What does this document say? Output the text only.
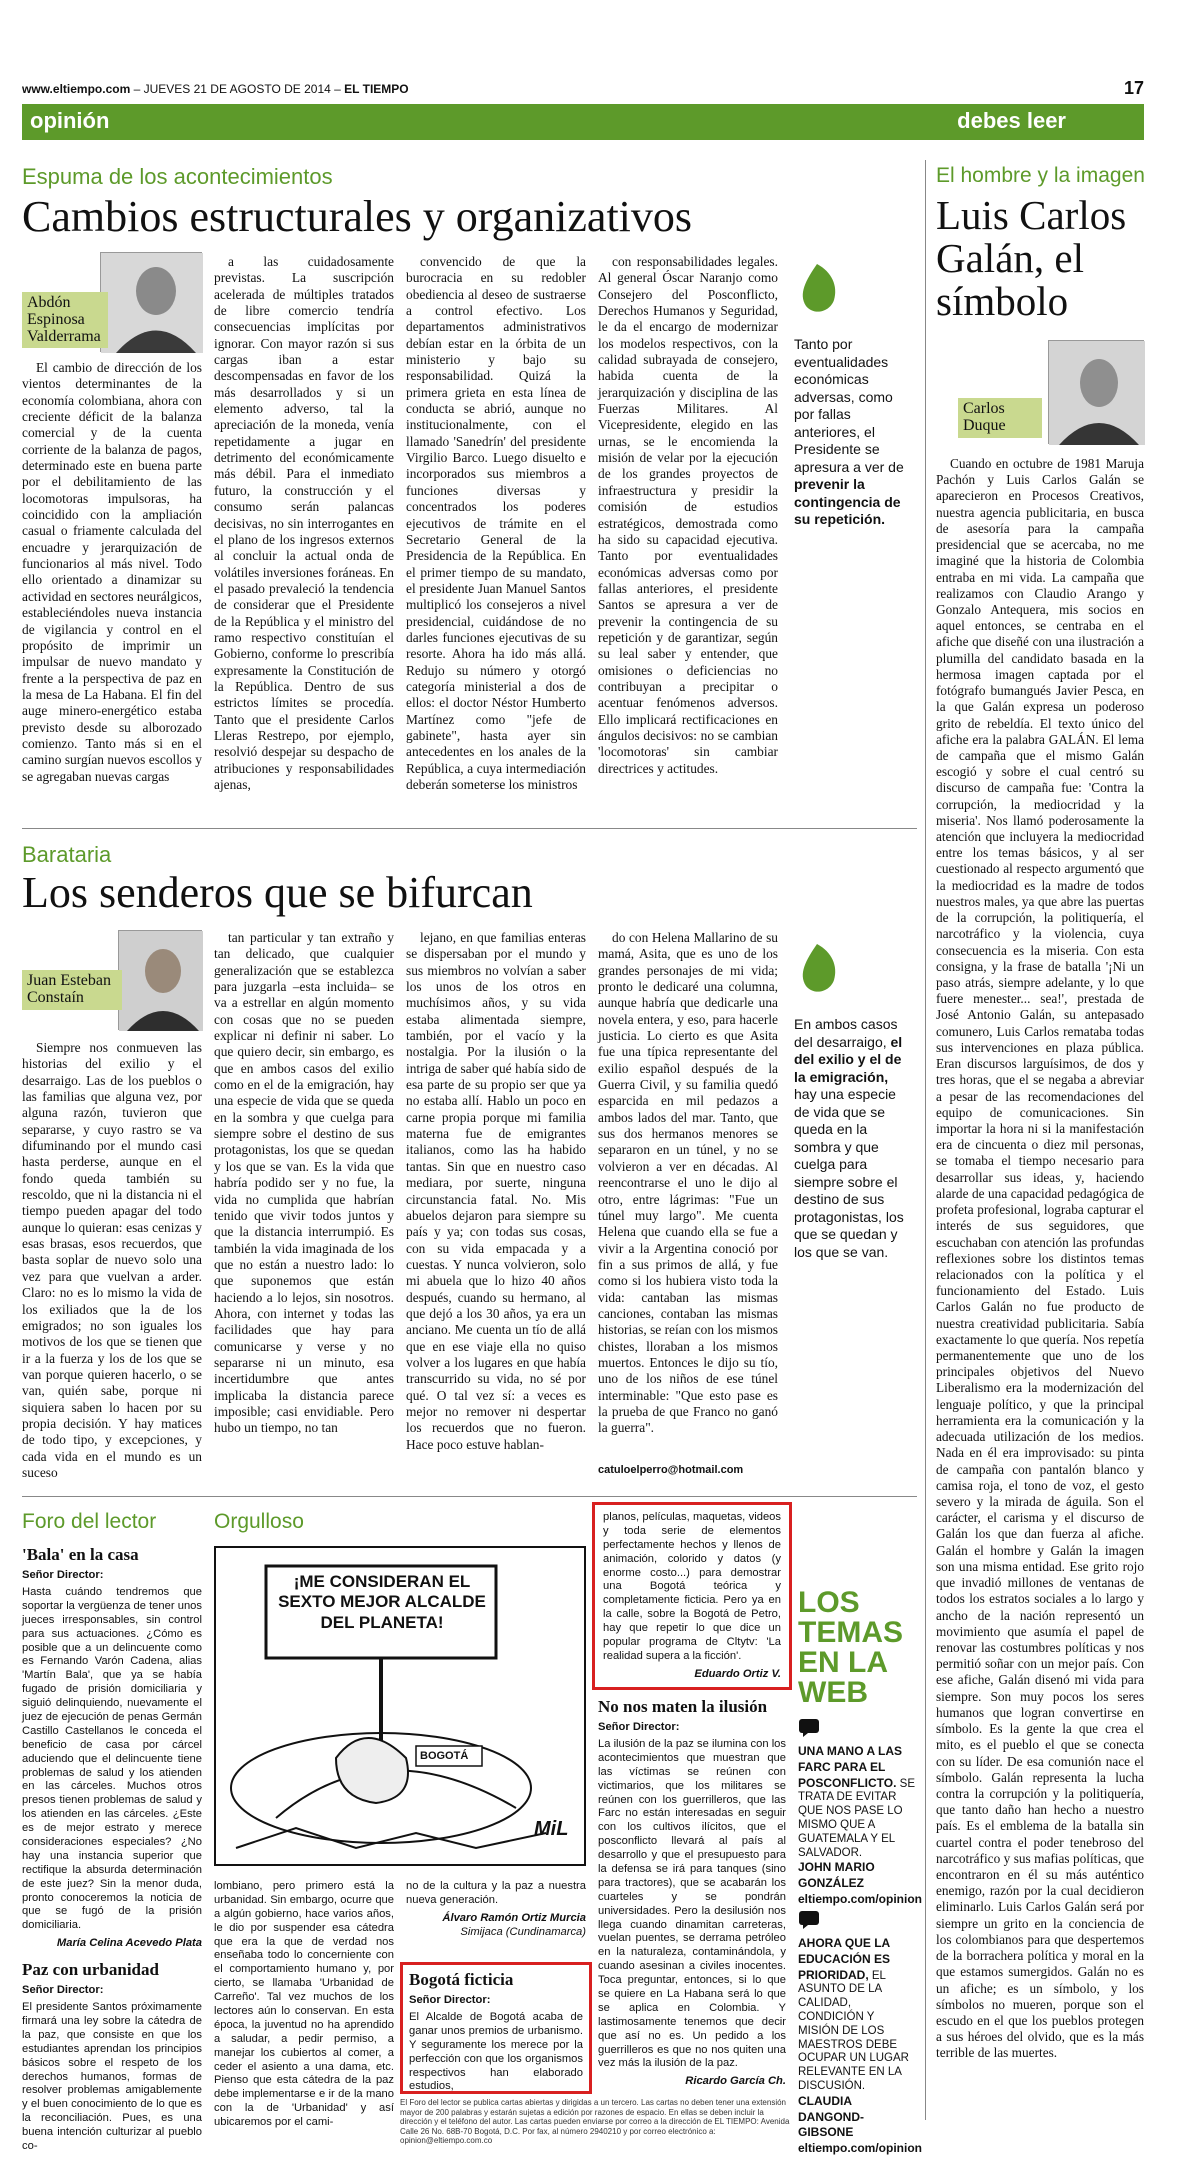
www.eltiempo.com – JUEVES 21 DE AGOSTO DE 2014 – EL TIEMPO	17
opinión	debes leer
Espuma de los acontecimientos
Cambios estructurales y organizativos
Abdón Espinosa Valderrama

El cambio de dirección de los vientos determinantes de la economía colombiana, ahora con creciente déficit de la balanza comercial y de la cuenta corriente de la balanza de pagos, determinado este en buena parte por el debilitamiento de las locomotoras impulsoras, ha coincidido con la ampliación casual o friamente calculada del encuadre y jerarquización de funcionarios al más nivel. Todo ello orientado a dinamizar su actividad en sectores neurálgicos, estableciéndoles nueva instancia de vigilancia y control en el propósito de imprimir un impulsar de nuevo mandato y frente a la perspectiva de paz en la mesa de La Habana. El fin del auge minero-energético estaba previsto desde su alborozado comienzo. Tanto más si en el camino surgían nuevos escollos y se agregaban nuevas cargas

a las cuidadosamente previstas. La suscripción acelerada de múltiples tratados de libre comercio tendría consecuencias implícitas por ignorar. Con mayor razón si sus cargas iban a estar descompensadas en favor de los más desarrollados y si un elemento adverso, tal la apreciación de la moneda, venía repetidamente a jugar en detrimento del económicamente más débil. Para el inmediato futuro, la construcción y el consumo serán palancas decisivas, no sin interrogantes en el plano de los ingresos externos al concluir la actual onda de volátiles inversiones foráneas. En el pasado prevaleció la tendencia de considerar que el Presidente de la República y el ministro del ramo respectivo constituían el Gobierno, conforme lo prescribía expresamente la Constitución de la República. Dentro de sus estrictos límites se procedía. Tanto que el presidente Carlos Lleras Restrepo, por ejemplo, resolvió despejar su despacho de atribuciones y responsabilidades ajenas,

convencido de que la burocracia en su redobler obediencia al deseo de sustraerse a control efectivo. Los departamentos administrativos debían estar en la órbita de un ministerio y bajo su responsabilidad. Quizá la primera grieta en esta línea de conducta se abrió, aunque no institucionalmente, con el llamado 'Sanedrín' del presidente Virgilio Barco. Luego disuelto e incorporados sus miembros a funciones diversas y concentrados los poderes ejecutivos de trámite en el Secretario General de la Presidencia de la República. En el primer tiempo de su mandato, el presidente Juan Manuel Santos multiplicó los consejeros a nivel presidencial, cuidándose de no darles funciones ejecutivas de su resorte. Ahora ha ido más allá. Redujo su número y otorgó categoría ministerial a dos de ellos: el doctor Néstor Humberto Martínez como "jefe de gabinete", hasta ayer sin antecedentes en los anales de la República, a cuya intermediación deberán someterse los ministros

con responsabilidades legales. Al general Óscar Naranjo como Consejero del Posconflicto, Derechos Humanos y Seguridad, le da el encargo de modernizar los modelos respectivos, con la calidad subrayada de consejero, habida cuenta de la jerarquización y disciplina de las Fuerzas Militares. Al Vicepresidente, elegido en las urnas, se le encomienda la misión de velar por la ejecución de los grandes proyectos de infraestructura y presidir la comisión de estudios estratégicos, demostrada como ha sido su capacidad ejecutiva. Tanto por eventualidades económicas adversas como por fallas anteriores, el presidente Santos se apresura a ver de prevenir la contingencia de su repetición y de garantizar, según su leal saber y entender, que omisiones o deficiencias no contribuyan a precipitar o acentuar fenómenos adversos. Ello implicará rectificaciones en ángulos decisivos: no se cambian 'locomotoras' sin cambiar directrices y actitudes.

Tanto por eventualidades económicas adversas, como por fallas anteriores, el Presidente se apresura a ver de prevenir la contingencia de su repetición.
Barataria
Los senderos que se bifurcan
Juan Esteban Constaín

Siempre nos conmueven las historias del exilio y el desarraigo. Las de los pueblos o las familias que alguna vez, por alguna razón, tuvieron que separarse, y cuyo rastro se va difuminando por el mundo casi hasta perderse, aunque en el fondo queda también su rescoldo, que ni la distancia ni el tiempo pueden apagar del todo aunque lo quieran: esas cenizas y esas brasas, esos recuerdos, que basta soplar de nuevo solo una vez para que vuelvan a arder. Claro: no es lo mismo la vida de los exiliados que la de los emigrados; no son iguales los motivos de los que se tienen que ir a la fuerza y los de los que se van porque quieren hacerlo, o se van, quién sabe, porque ni siquiera saben lo hacen por su propia decisión. Y hay matices de todo tipo, y excepciones, y cada vida en el mundo es un suceso

tan particular y tan extraño y tan delicado, que cualquier generalización que se establezca para juzgarla –esta incluida– se va a estrellar en algún momento con cosas que no se pueden explicar ni definir ni saber. Lo que quiero decir, sin embargo, es que en ambos casos del exilio como en el de la emigración, hay una especie de vida que se queda en la sombra y que cuelga para siempre sobre el destino de sus protagonistas, los que se quedan y los que se van. Es la vida que habría podido ser y no fue, la vida no cumplida que habrían tenido que vivir todos juntos y que la distancia interrumpió. Es también la vida imaginada de los que no están a nuestro lado: lo que suponemos que están haciendo a lo lejos, sin nosotros. Ahora, con internet y todas las facilidades que hay para comunicarse y verse y no separarse ni un minuto, esa incertidumbre que antes implicaba la distancia parece imposible; casi envidiable. Pero hubo un tiempo, no tan

lejano, en que familias enteras se dispersaban por el mundo y sus miembros no volvían a saber los unos de los otros en muchísimos años, y su vida estaba alimentada siempre, también, por el vacío y la nostalgia. Por la ilusión o la intriga de saber qué había sido de esa parte de su propio ser que ya no estaba allí. Hablo un poco en carne propia porque mi familia materna fue de emigrantes italianos, como las ha habido tantas. Sin que en nuestro caso mediara, por suerte, ninguna circunstancia fatal. No. Mis abuelos dejaron para siempre su país y ya; con todas sus cosas, con su vida empacada y a cuestas. Y nunca volvieron, solo mi abuela que lo hizo 40 años después, cuando su hermano, al que dejó a los 30 años, ya era un anciano. Me cuenta un tío de allá que en ese viaje ella no quiso volver a los lugares en que había transcurrido su vida, no sé por qué. O tal vez sí: a veces es mejor no remover ni despertar los recuerdos que no fueron. Hace poco estuve hablan-

do con Helena Mallarino de su mamá, Asita, que es uno de los grandes personajes de mi vida; pronto le dedicaré una columna, aunque habría que dedicarle una novela entera, y eso, para hacerle justicia. Lo cierto es que Asita fue una típica representante del exilio español después de la Guerra Civil, y su familia quedó esparcida en mil pedazos a ambos lados del mar. Tanto, que sus dos hermanos menores se separaron en un túnel, y no se volvieron a ver en décadas. Al reencontrarse el uno le dijo al otro, entre lágrimas: "Fue un túnel muy largo". Me cuenta Helena que cuando ella se fue a vivir a la Argentina conoció por fin a sus primos de allá, y fue como si los hubiera visto toda la vida: cantaban las mismas canciones, contaban las mismas historias, se reían con los mismos chistes, lloraban a los mismos muertos. Entonces le dijo su tío, uno de los niños de ese túnel interminable: "Que esto pase es la prueba de que Franco no ganó la guerra".

catuloelperro@hotmail.com
En ambos casos del desarraigo, el del exilio y el de la emigración, hay una especie de vida que se queda en la sombra y que cuelga para siempre sobre el destino de sus protagonistas, los que se quedan y los que se van.
El hombre y la imagen
Luis Carlos Galán, el símbolo
Carlos Duque

Cuando en octubre de 1981 Maruja Pachón y Luis Carlos Galán se aparecieron en Procesos Creativos, nuestra agencia publicitaria, en busca de asesoría para la campaña presidencial que se acercaba, no me imaginé que la historia de Colombia entraba en mi vida. La campaña que realizamos con Claudio Arango y Gonzalo Antequera, mis socios en aquel entonces, se centraba en el afiche que diseñé con una ilustración a plumilla del candidato basada en la hermosa imagen captada por el fotógrafo bumangués Javier Pesca, en la que Galán expresa un poderoso grito de rebeldía. El texto único del afiche era la palabra GALÁN. El lema de campaña que el mismo Galán escogió y sobre el cual centró su discurso de campaña fue: 'Contra la corrupción, la mediocridad y la miseria'. Nos llamó poderosamente la atención que incluyera la mediocridad entre los temas básicos, y al ser cuestionado al respecto argumentó que la mediocridad es la madre de todos nuestros males, ya que abre las puertas de la corrupción, la politiquería, el narcotráfico y la violencia, cuya consecuencia es la miseria. Con esta consigna, y la frase de batalla '¡Ni un paso atrás, siempre adelante, y lo que fuere menester... sea!', prestada de José Antonio Galán, su antepasado comunero, Luis Carlos remataba todas sus intervenciones en plaza pública. Eran discursos larguísimos, de dos y tres horas, que el se negaba a abreviar a pesar de las recomendaciones del equipo de comunicaciones. Sin importar la hora ni si la manifestación era de cincuenta o diez mil personas, se tomaba el tiempo necesario para desarrollar sus ideas, y, haciendo alarde de una capacidad pedagógica de profeta profesional, lograba capturar el interés de sus seguidores, que escuchaban con atención las profundas reflexiones sobre los distintos temas relacionados con la política y el funcionamiento del Estado. Luis Carlos Galán no fue producto de nuestra creatividad publicitaria. Sabía exactamente lo que quería. Nos repetía permanentemente que uno de los principales objetivos del Nuevo Liberalismo era la modernización del lenguaje político, y que la principal herramienta era la comunicación y la adecuada utilización de los medios. Nada en él era improvisado: su pinta de campaña con pantalón blanco y camisa roja, el tono de voz, el gesto severo y la mirada de águila. Son el carácter, el carisma y el discurso de Galán los que dan fuerza al afiche. Galán el hombre y Galán la imagen son una misma entidad. Ese grito rojo que invadió millones de ventanas de todos los estratos sociales a lo largo y ancho de la nación representó un movimiento que asumía el papel de renovar las costumbres políticas y nos permitió soñar con un mejor país. Con ese afiche, Galán disenó mi vida para siempre. Son muy pocos los seres humanos que logran convertirse en símbolo. Es la gente la que crea el mito, es el pueblo el que se conecta con su líder. De esa comunión nace el símbolo. Galán representa la lucha contra la corrupción y la politiquería, que tanto daño han hecho a nuestro país. Es el emblema de la batalla sin cuartel contra el poder tenebroso del narcotráfico y sus mafias políticas, que encontraron en él su más auténtico enemigo, razón por la cual decidieron eliminarlo. Luis Carlos Galán será por siempre un grito en la conciencia de los colombianos para que despertemos de la borrachera política y moral en la que estamos sumergidos. Galán no es un afiche; es un símbolo, y los símbolos no mueren, porque son el escudo en el que los pueblos protegen a sus héroes del olvido, que es la más terrible de las muertes.

Foro del lector
'Bala' en la casa

Señor Director:

Hasta cuándo tendremos que soportar la vergüenza de tener unos jueces irresponsables, sin control para sus actuaciones. ¿Cómo es posible que a un delincuente como es Fernando Varón Cadena, alias 'Martín Bala', que ya se había fugado de prisión domiciliaria y siguió delinquiendo, nuevamente el juez de ejecución de penas Germán Castillo Castellanos le conceda el beneficio de casa por cárcel aduciendo que el delincuente tiene problemas de salud y los atienden en las cárceles. Muchos otros presos tienen problemas de salud y los atienden en las cárceles. ¿Este es de mejor estrato y merece consideraciones especiales? ¿No hay una instancia superior que rectifique la absurda determinación de este juez? Sin la menor duda, pronto conoceremos la noticia de que se fugó de la prisión domiciliaria.

María Celina Acevedo Plata

Paz con urbanidad

Señor Director:

El presidente Santos próximamente firmará una ley sobre la cátedra de la paz, que consiste en que los estudiantes aprendan los principios básicos sobre el respeto de los derechos humanos, formas de resolver problemas amigablemente y el buen conocimiento de lo que es la reconciliación. Pues, es una buena intención culturizar al pueblo co-

Orgulloso
¡ME CONSIDERAN EL SEXTO MEJOR ALCALDE DEL PLANETA!
BOGOTÁ
MiL

lombiano, pero primero está la urbanidad. Sin embargo, ocurre que a algún gobierno, hace varios años, le dio por suspender esa cátedra que era la que de verdad nos enseñaba todo lo concerniente con el comportamiento humano y, por cierto, se llamaba 'Urbanidad de Carreño'. Tal vez muchos de los lectores aún lo conservan. En esta época, la juventud no ha aprendido a saludar, a pedir permiso, a manejar los cubiertos al comer, a ceder el asiento a una dama, etc. Pienso que esta cátedra de la paz debe implementarse e ir de la mano con la de 'Urbanidad' y así ubicaremos por el cami-

no de la cultura y la paz a nuestra nueva generación.

Álvaro Ramón Ortiz Murcia

Simijaca (Cundinamarca)

Bogotá ficticia

Señor Director:

El Alcalde de Bogotá acaba de ganar unos premios de urbanismo. Y seguramente los merece por la perfección con que los organismos respectivos han elaborado estudios,

planos, películas, maquetas, videos y toda serie de elementos perfectamente hechos y llenos de animación, colorido y datos (y enorme costo...) para demostrar una Bogotá teórica y completamente ficticia. Pero ya en la calle, sobre la Bogotá de Petro, hay que repetir lo que dice un popular programa de Cltytv: 'La realidad supera a la ficción'.

Eduardo Ortiz V.

No nos maten la ilusión

Señor Director:

La ilusión de la paz se ilumina con los acontecimientos que muestran que las víctimas se reúnen con victimarios, que los militares se reúnen con los guerrilleros, que las Farc no están interesadas en seguir con los cultivos ilícitos, que el posconflicto llevará al país al desarrollo y que el presupuesto para la defensa se irá para tanques (sino para tractores), que se acabarán los cuarteles y se pondrán universidades. Pero la desilusión nos llega cuando dinamitan carreteras, vuelan puentes, se derrama petróleo en la naturaleza, contaminándola, y cuando asesinan a civiles inocentes. Toca preguntar, entonces, si lo que se quiere en La Habana será lo que se aplica en Colombia. Y lastimosamente tenemos que decir que así no es. Un pedido a los guerrilleros es que no nos quiten una vez más la ilusión de la paz.

Ricardo García Ch.

LOS TEMAS EN LA WEB
UNA MANO A LAS FARC PARA EL POSCONFLICTO. SE TRATA DE EVITAR QUE NOS PASE LO MISMO QUE A GUATEMALA Y EL SALVADOR.
JOHN MARIO GONZÁLEZ
eltiempo.com/opinion
AHORA QUE LA EDUCACIÓN ES PRIORIDAD, EL ASUNTO DE LA CALIDAD, CONDICIÓN Y MISIÓN DE LOS MAESTROS DEBE OCUPAR UN LUGAR RELEVANTE EN LA DISCUSIÓN.
CLAUDIA DANGOND-GIBSONE
eltiempo.com/opinion
El Foro del lector se publica cartas abiertas y dirigidas a un tercero. Las cartas no deben tener una extensión mayor de 200 palabras y estarán sujetas a edición por razones de espacio. En ellas se deben incluir la dirección y el teléfono del autor. Las cartas pueden enviarse por correo a la dirección de EL TIEMPO: Avenida Calle 26 No. 68B-70 Bogotá, D.C. Por fax, al número 2940210 y por correo electrónico a: opinion@eltiempo.com.co
